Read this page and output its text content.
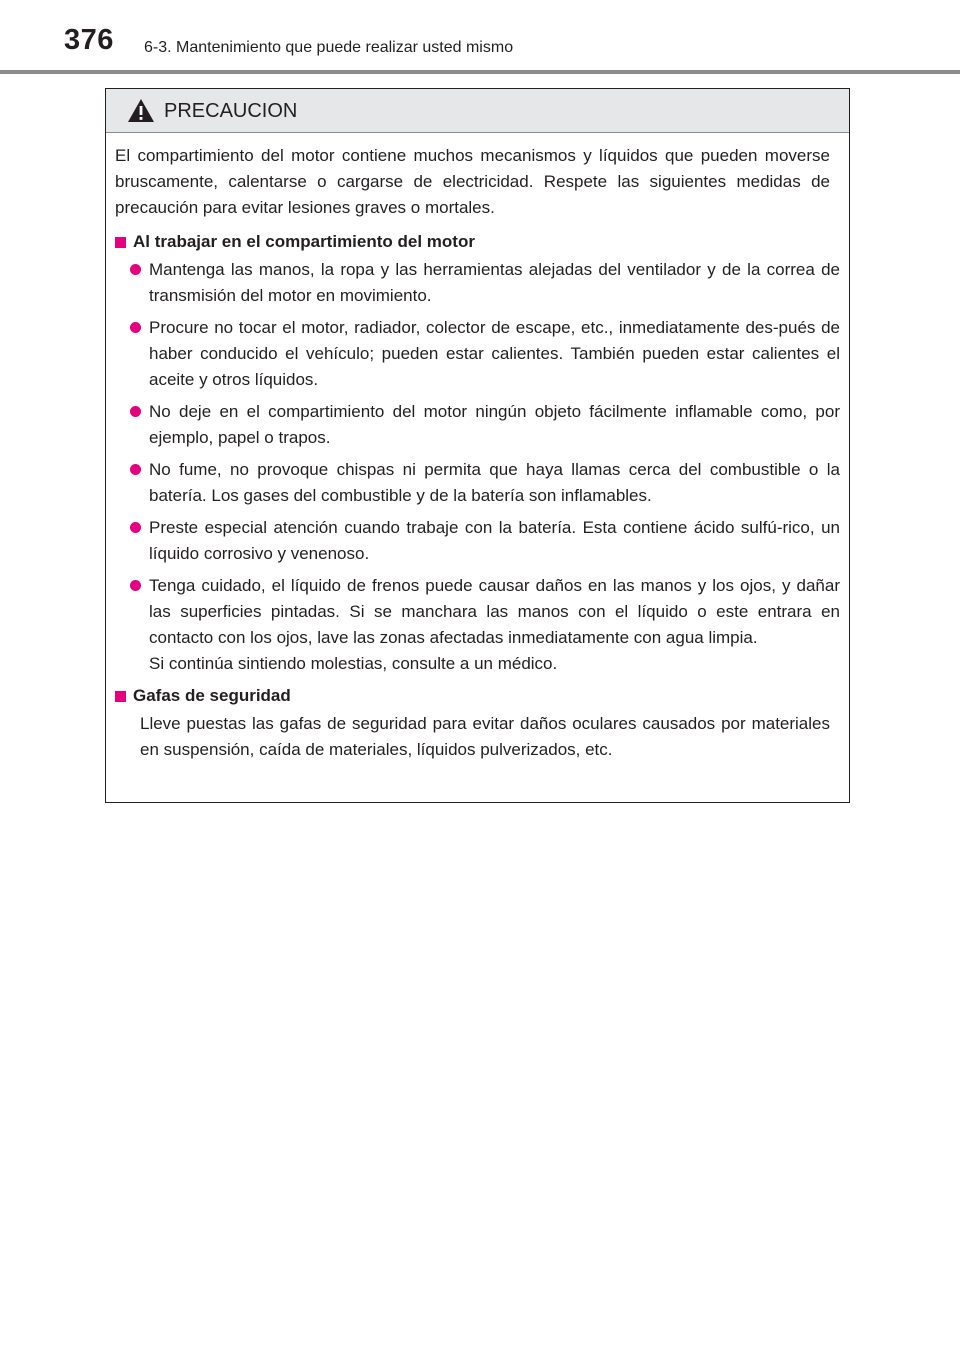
376 6-3. Mantenimiento que puede realizar usted mismo
PRECAUCION

El compartimiento del motor contiene muchos mecanismos y líquidos que pueden moverse bruscamente, calentarse o cargarse de electricidad. Respete las siguientes medidas de precaución para evitar lesiones graves o mortales.

Al trabajar en el compartimiento del motor
Mantenga las manos, la ropa y las herramientas alejadas del ventilador y de la correa de transmisión del motor en movimiento.
Procure no tocar el motor, radiador, colector de escape, etc., inmediatamente des-pués de haber conducido el vehículo; pueden estar calientes. También pueden estar calientes el aceite y otros líquidos.
No deje en el compartimiento del motor ningún objeto fácilmente inflamable como, por ejemplo, papel o trapos.
No fume, no provoque chispas ni permita que haya llamas cerca del combustible o la batería. Los gases del combustible y de la batería son inflamables.
Preste especial atención cuando trabaje con la batería. Esta contiene ácido sulfú-rico, un líquido corrosivo y venenoso.
Tenga cuidado, el líquido de frenos puede causar daños en las manos y los ojos, y dañar las superficies pintadas. Si se manchara las manos con el líquido o este entrara en contacto con los ojos, lave las zonas afectadas inmediatamente con agua limpia.
Si continúa sintiendo molestias, consulte a un médico.
Gafas de seguridad

Lleve puestas las gafas de seguridad para evitar daños oculares causados por materiales en suspensión, caída de materiales, líquidos pulverizados, etc.
